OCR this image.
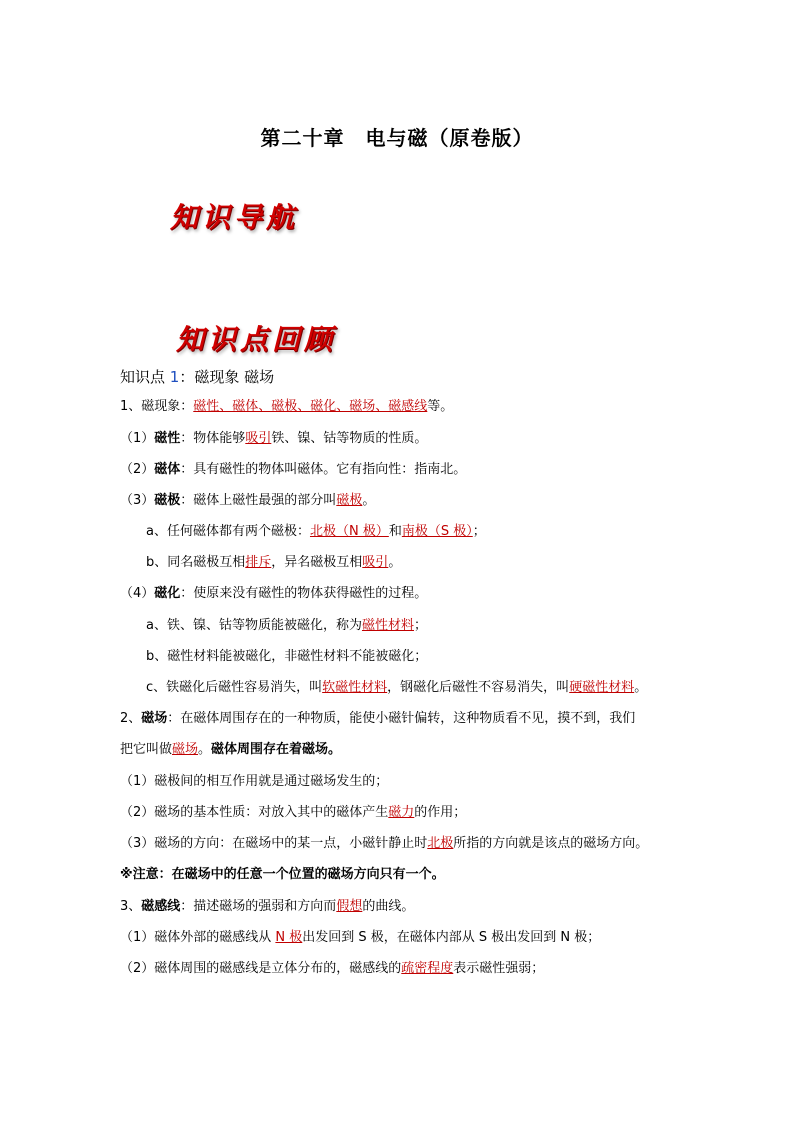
第二十章　电与磁（原卷版）
知识导航
知识点回顾
知识点 1：磁现象 磁场
1、磁现象：磁性、磁体、磁极、磁化、磁场、磁感线等。
（1）磁性：物体能够吸引铁、镍、钴等物质的性质。
（2）磁体：具有磁性的物体叫磁体。它有指向性：指南北。
（3）磁极：磁体上磁性最强的部分叫磁极。
a、任何磁体都有两个磁极：北极（N 极）和南极（S 极）；
b、同名磁极互相排斥，异名磁极互相吸引。
（4）磁化：使原来没有磁性的物体获得磁性的过程。
a、铁、镍、钴等物质能被磁化，称为磁性材料；
b、磁性材料能被磁化，非磁性材料不能被磁化；
c、铁磁化后磁性容易消失，叫软磁性材料，钢磁化后磁性不容易消失，叫硬磁性材料。
2、磁场：在磁体周围存在的一种物质，能使小磁针偏转，这种物质看不见，摸不到，我们
把它叫做磁场。磁体周围存在着磁场。
（1）磁极间的相互作用就是通过磁场发生的；
（2）磁场的基本性质：对放入其中的磁体产生磁力的作用；
（3）磁场的方向：在磁场中的某一点，小磁针静止时北极所指的方向就是该点的磁场方向。
※注意：在磁场中的任意一个位置的磁场方向只有一个。
3、磁感线：描述磁场的强弱和方向而假想的曲线。
（1）磁体外部的磁感线从 N 极出发回到 S 极，在磁体内部从 S 极出发回到 N 极；
（2）磁体周围的磁感线是立体分布的，磁感线的疏密程度表示磁性强弱；
